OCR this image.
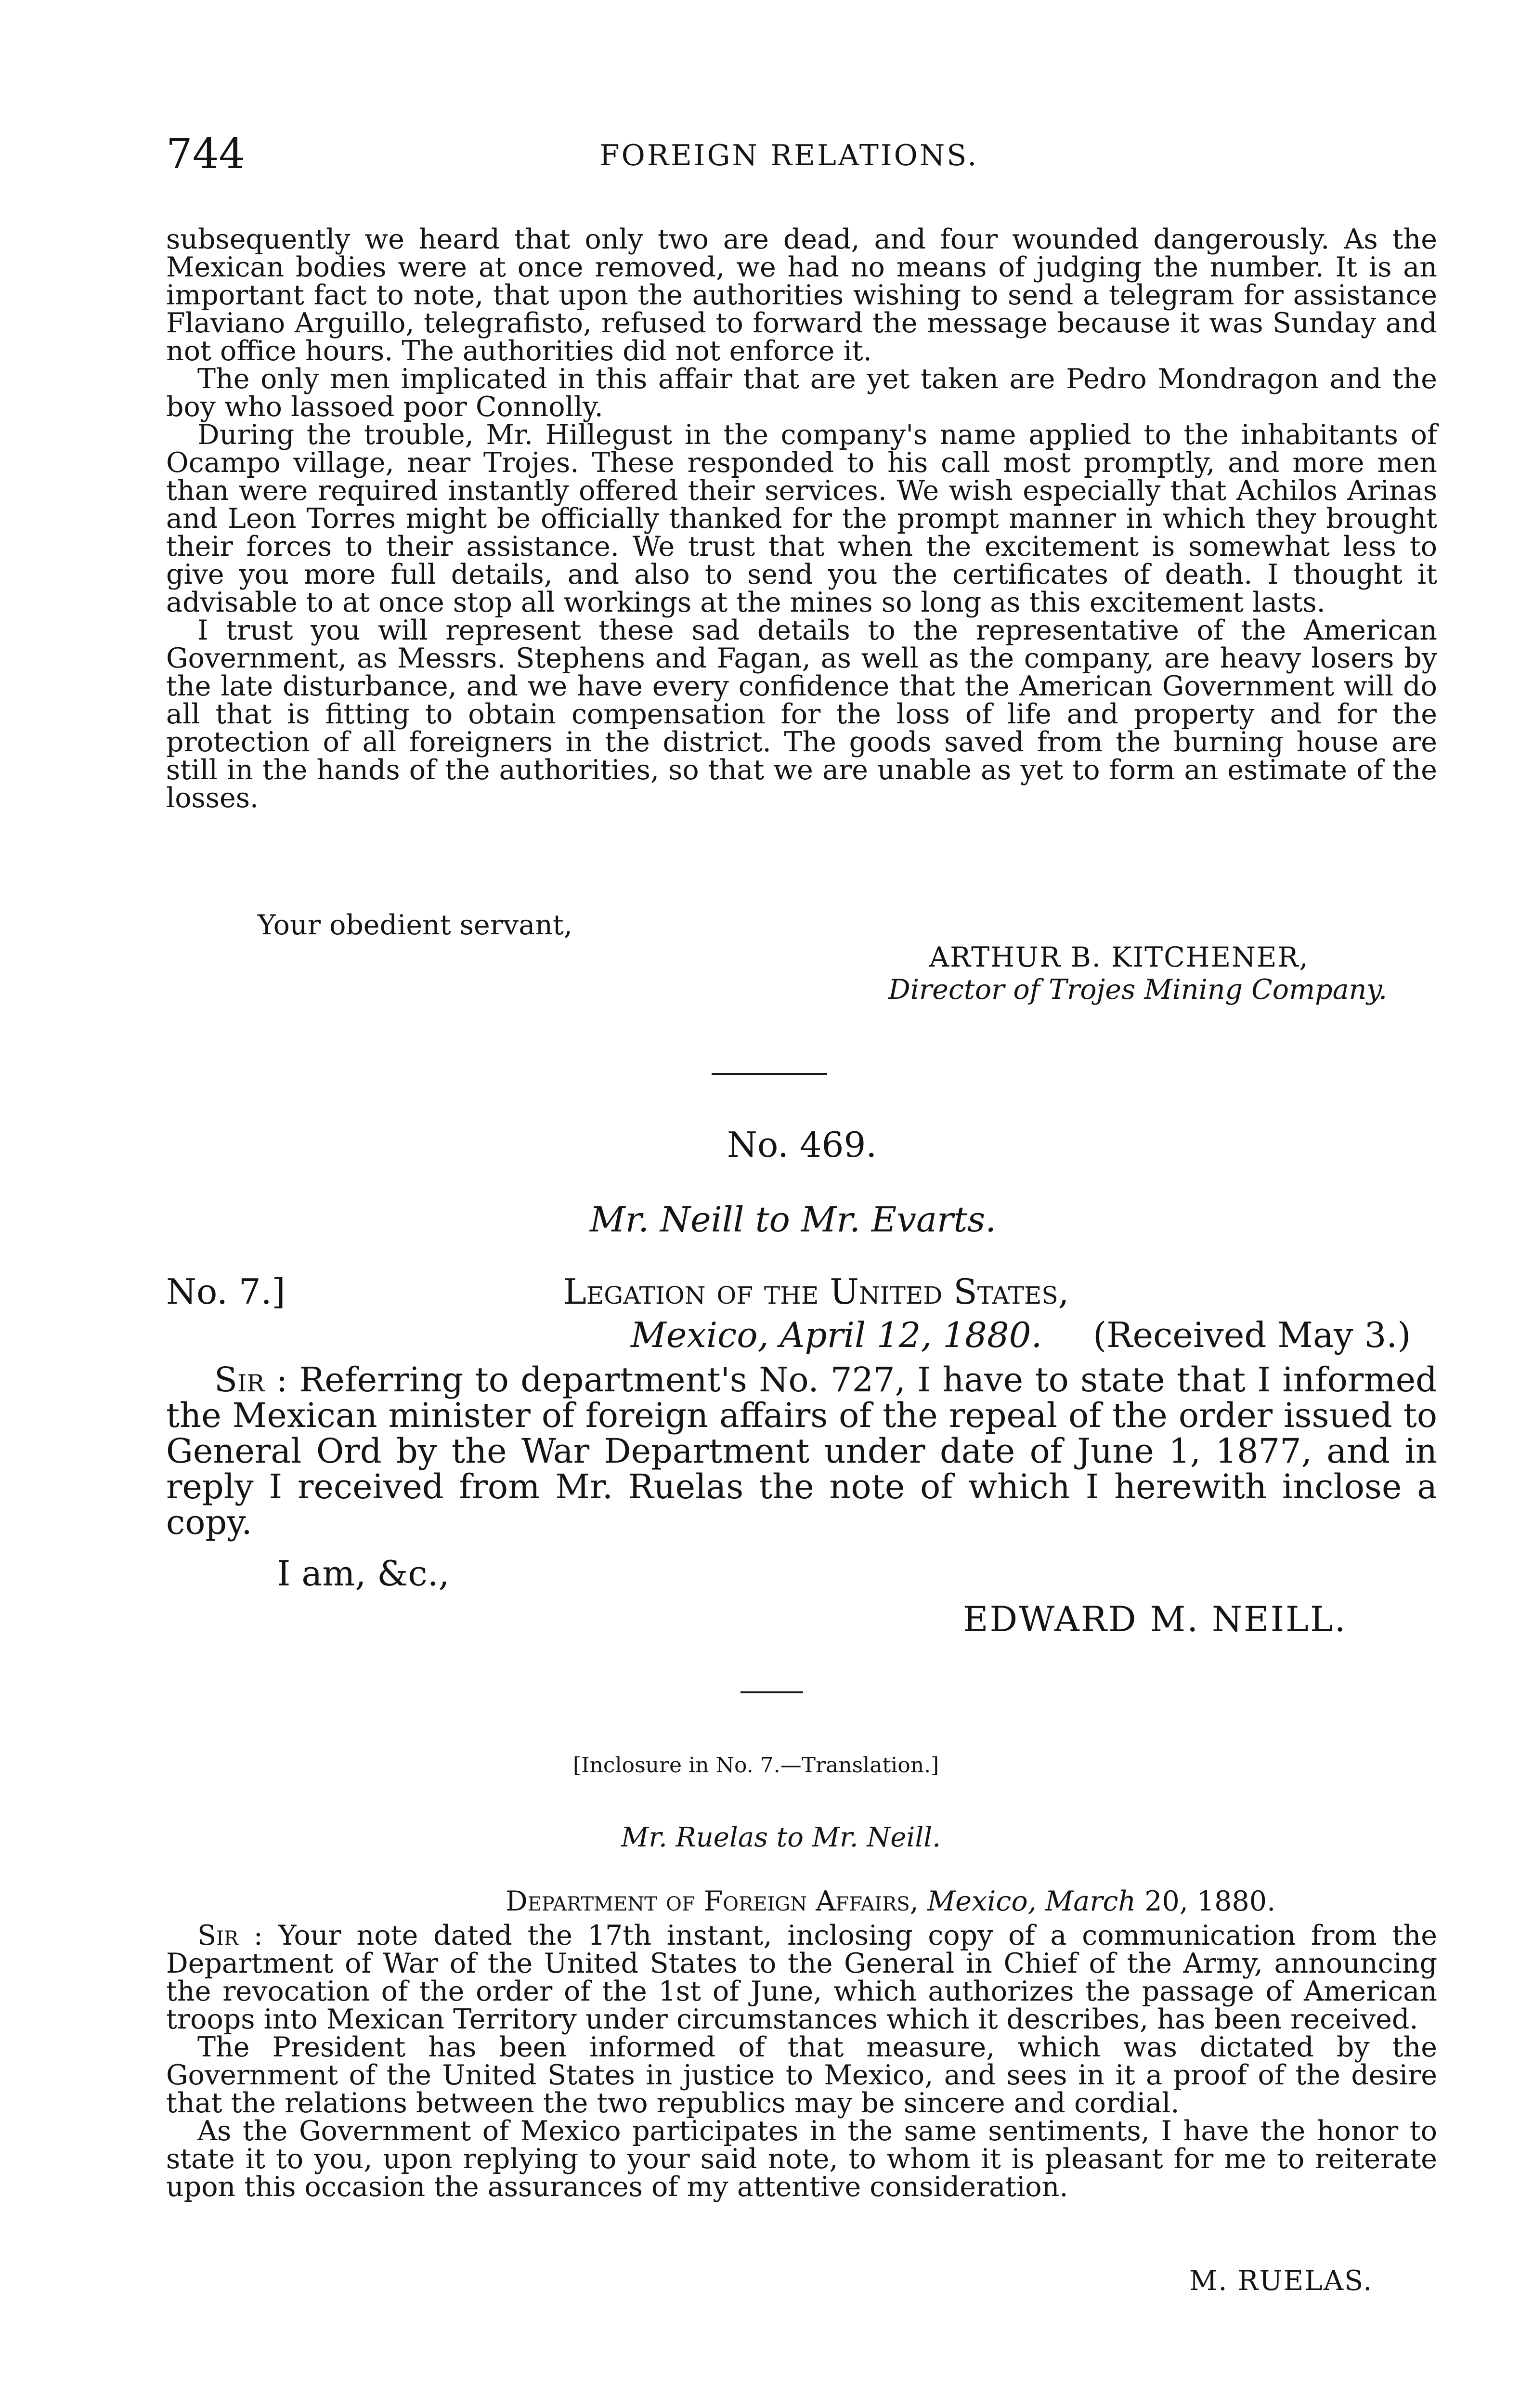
744	FOREIGN RELATIONS.

subsequently we heard that only two are dead, and four wounded dangerously. As the Mexican bodies were at once removed, we had no means of judging the number. It is an important fact to note, that upon the authorities wishing to send a telegram for assistance Flaviano Arguillo, telegrafisto, refused to forward the message because it was Sunday and not office hours. The authorities did not enforce it.

The only men implicated in this affair that are yet taken are Pedro Mondragon and the boy who lassoed poor Connolly.

During the trouble, Mr. Hillegust in the company's name applied to the inhabitants of Ocampo village, near Trojes. These responded to his call most promptly, and more men than were required instantly offered their services. We wish especially that Achilos Arinas and Leon Torres might be officially thanked for the prompt manner in which they brought their forces to their assistance. We trust that when the excitement is somewhat less to give you more full details, and also to send you the certificates of death. I thought it advisable to at once stop all workings at the mines so long as this excitement lasts.

I trust you will represent these sad details to the representative of the American Government, as Messrs. Stephens and Fagan, as well as the company, are heavy losers by the late disturbance, and we have every confidence that the American Government will do all that is fitting to obtain compensation for the loss of life and property and for the protection of all foreigners in the district. The goods saved from the burning house are still in the hands of the authorities, so that we are unable as yet to form an estimate of the losses.

Your obedient servant,

ARTHUR B. KITCHENER,

Director of Trojes Mining Company.

No. 469.

Mr. Neill to Mr. Evarts.

No. 7.]	Legation of the United States,

Mexico, April 12, 1880. (Received May 3.)

Sir : Referring to department's No. 727, I have to state that I informed the Mexican minister of foreign affairs of the repeal of the order issued to General Ord by the War Department under date of June 1, 1877, and in reply I received from Mr. Ruelas the note of which I herewith inclose a copy.

I am, &c.,

EDWARD M. NEILL.

[Inclosure in No. 7.—Translation.]

Mr. Ruelas to Mr. Neill.

Department of Foreign Affairs, Mexico, March 20, 1880.

Sir : Your note dated the 17th instant, inclosing copy of a communication from the Department of War of the United States to the General in Chief of the Army, announcing the revocation of the order of the 1st of June, which authorizes the passage of American troops into Mexican Territory under circumstances which it describes, has been received.

The President has been informed of that measure, which was dictated by the Government of the United States in justice to Mexico, and sees in it a proof of the desire that the relations between the two republics may be sincere and cordial.

As the Government of Mexico participates in the same sentiments, I have the honor to state it to you, upon replying to your said note, to whom it is pleasant for me to reiterate upon this occasion the assurances of my attentive consideration.

M. RUELAS.
